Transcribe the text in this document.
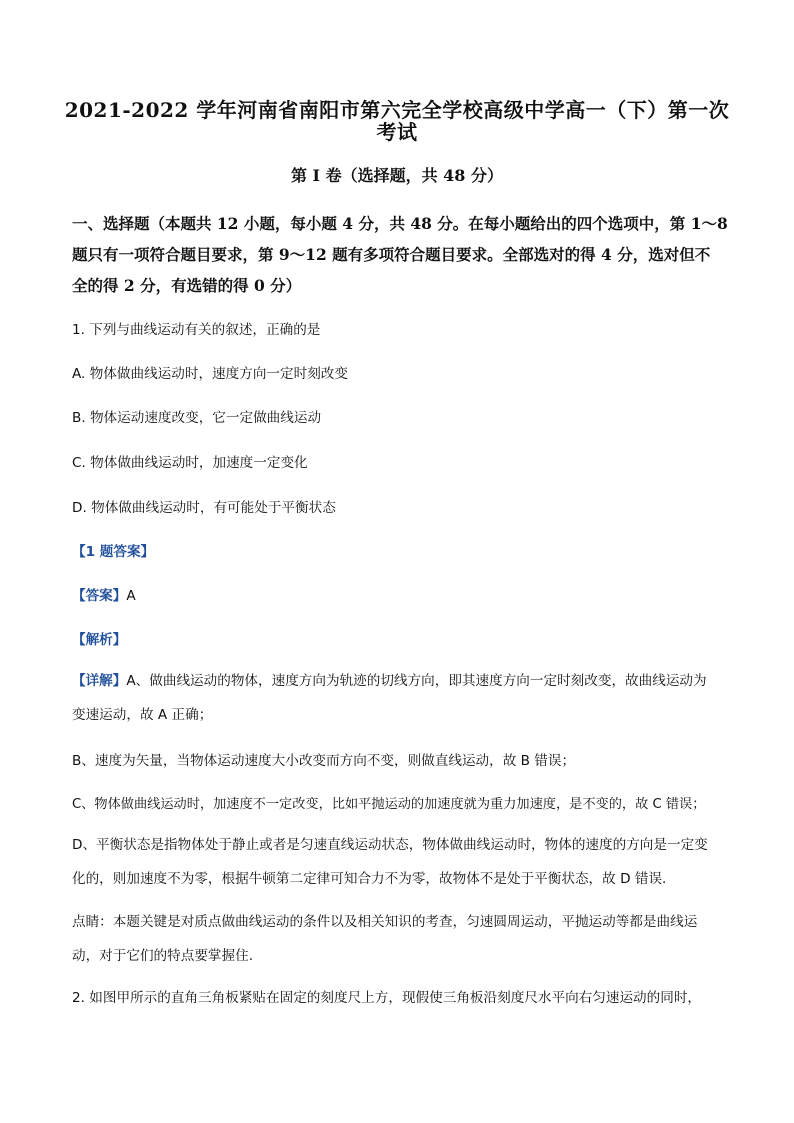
2021-2022 学年河南省南阳市第六完全学校高级中学高一（下）第一次
考试
第 I 卷（选择题，共 48 分）
一、选择题（本题共 12 小题，每小题 4 分，共 48 分。在每小题给出的四个选项中，第 1～8
题只有一项符合题目要求，第 9～12 题有多项符合题目要求。全部选对的得 4 分，选对但不
全的得 2 分，有选错的得 0 分）
1. 下列与曲线运动有关的叙述，正确的是
A. 物体做曲线运动时，速度方向一定时刻改变
B. 物体运动速度改变，它一定做曲线运动
C. 物体做曲线运动时，加速度一定变化
D. 物体做曲线运动时，有可能处于平衡状态
【1 题答案】
【答案】A
【解析】
【详解】A、做曲线运动的物体，速度方向为轨迹的切线方向，即其速度方向一定时刻改变，故曲线运动为
变速运动，故 A 正确；
B、速度为矢量，当物体运动速度大小改变而方向不变，则做直线运动，故 B 错误；
C、物体做曲线运动时，加速度不一定改变，比如平抛运动的加速度就为重力加速度，是不变的，故 C 错误；
D、平衡状态是指物体处于静止或者是匀速直线运动状态，物体做曲线运动时，物体的速度的方向是一定变
化的，则加速度不为零，根据牛顿第二定律可知合力不为零，故物体不是处于平衡状态，故 D 错误.
点睛：本题关键是对质点做曲线运动的条件以及相关知识的考查，匀速圆周运动，平抛运动等都是曲线运
动，对于它们的特点要掌握住.
2. 如图甲所示的直角三角板紧贴在固定的刻度尺上方，现假使三角板沿刻度尺水平向右匀速运动的同时，
